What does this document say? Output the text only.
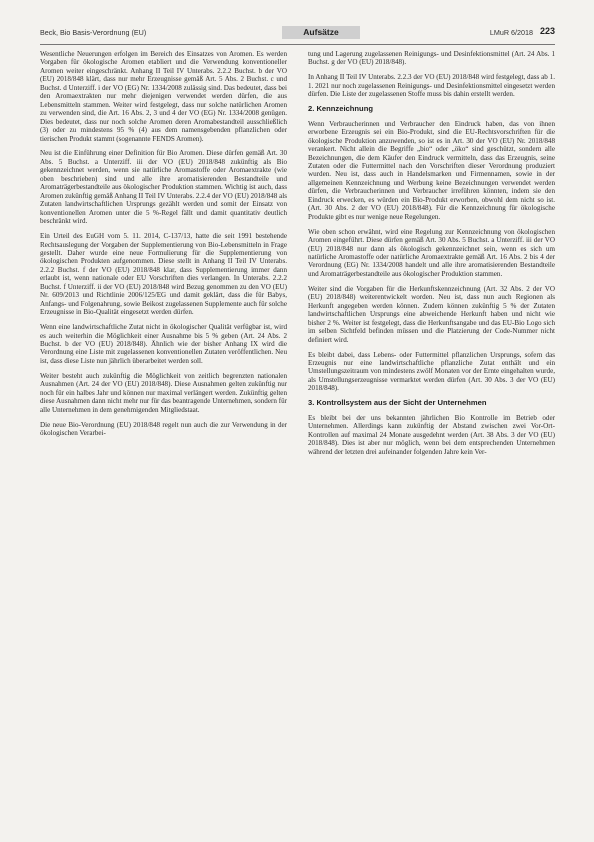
Beck, Bio Basis-Verordnung (EU)	Aufsätze	LMuR 6/2018 223

Wesentliche Neuerungen erfolgen im Bereich des Einsatzes von Aromen. Es werden Vorgaben für ökologische Aromen etabliert und die Verwendung konventioneller Aromen weiter eingeschränkt. Anhang II Teil IV Unterabs. 2.2.2 Buchst. b der VO (EU) 2018/848 klärt, dass nur mehr Erzeugnisse gemäß Art. 5 Abs. 2 Buchst. c und Buchst. d Unterziff. i der VO (EG) Nr. 1334/2008 zulässig sind. Das bedeutet, dass bei den Aromaextrakten nur mehr diejenigen verwendet werden dürfen, die aus Lebensmitteln stammen. Weiter wird festgelegt, dass nur solche natürlichen Aromen zu verwenden sind, die Art. 16 Abs. 2, 3 und 4 der VO (EG) Nr. 1334/2008 genügen. Dies bedeutet, dass nur noch solche Aromen deren Aromabestandteil ausschließlich (3) oder zu mindestens 95 % (4) aus dem namensgebenden pflanzlichen oder tierischen Produkt stammt (sogenannte FENDS Aromen).

Neu ist die Einführung einer Definition für Bio Aromen. Diese dürfen gemäß Art. 30 Abs. 5 Buchst. a Unterziff. iii der VO (EU) 2018/848 zukünftig als Bio gekennzeichnet werden, wenn sie natürliche Aromastoffe oder Aromaextrakte (wie oben beschrieben) sind und alle ihre aromatisierenden Bestandteile und Aromaträgerbestandteile aus ökologischer Produktion stammen. Wichtig ist auch, dass Aromen zukünftig gemäß Anhang II Teil IV Unterabs. 2.2.4 der VO (EU) 2018/848 als Zutaten landwirtschaftlichen Ursprungs gezählt werden und somit der Einsatz von konventionellen Aromen unter die 5 %-Regel fällt und damit quantitativ deutlich beschränkt wird.

Ein Urteil des EuGH vom 5. 11. 2014, C-137/13, hatte die seit 1991 bestehende Rechtsauslegung der Vorgaben der Supplementierung von Bio-Lebensmitteln in Frage gestellt. Daher wurde eine neue Formulierung für die Supplementierung von ökologischen Produkten aufgenommen. Diese stellt in Anhang II Teil IV Unterabs. 2.2.2 Buchst. f der VO (EU) 2018/848 klar, dass Supplementierung immer dann erlaubt ist, wenn nationale oder EU Vorschriften dies verlangen. In Unterabs. 2.2.2 Buchst. f Unterziff. ii der VO (EU) 2018/848 wird Bezug genommen zu den VO (EU) Nr. 609/2013 und Richtlinie 2006/125/EG und damit geklärt, dass die für Babys, Anfangs- und Folgenahrung, sowie Beikost zugelassenen Supplemente auch für solche Erzeugnisse in Bio-Qualität eingesetzt werden dürfen.

Wenn eine landwirtschaftliche Zutat nicht in ökologischer Qualität verfügbar ist, wird es auch weiterhin die Möglichkeit einer Ausnahme bis 5 % geben (Art. 24 Abs. 2 Buchst. b der VO (EU) 2018/848). Ähnlich wie der bisher Anhang IX wird die Verordnung eine Liste mit zugelassenen konventionellen Zutaten veröffentlichen. Neu ist, dass diese Liste nun jährlich überarbeitet werden soll.

Weiter besteht auch zukünftig die Möglichkeit von zeitlich begrenzten nationalen Ausnahmen (Art. 24 der VO (EU) 2018/848). Diese Ausnahmen gelten zukünftig nur noch für ein halbes Jahr und können nur maximal verlängert werden. Zukünftig gelten diese Ausnahmen dann nicht mehr nur für das beantragende Unternehmen, sondern für alle Unternehmen in dem genehmigenden Mitgliedstaat.

Die neue Bio-Verordnung (EU) 2018/848 regelt nun auch die zur Verwendung in der ökologischen Verarbei-

tung und Lagerung zugelassenen Reinigungs- und Desinfektionsmittel (Art. 24 Abs. 1 Buchst. g der VO (EU) 2018/848).

In Anhang II Teil IV Unterabs. 2.2.3 der VO (EU) 2018/848 wird festgelegt, dass ab 1. 1. 2021 nur noch zugelassenen Reinigungs- und Desinfektionsmittel eingesetzt werden dürfen. Die Liste der zugelassenen Stoffe muss bis dahin erstellt werden.

2. Kennzeichnung

Wenn Verbraucherinnen und Verbraucher den Eindruck haben, das von ihnen erworbene Erzeugnis sei ein Bio-Produkt, sind die EU-Rechtsvorschriften für die ökologische Produktion anzuwenden, so ist es in Art. 30 der VO (EU) Nr. 2018/848 verankert. Nicht allein die Begriffe „bio“ oder „öko“ sind geschützt, sondern alle Bezeichnungen, die dem Käufer den Eindruck vermitteln, dass das Erzeugnis, seine Zutaten oder die Futtermittel nach den Vorschriften dieser Verordnung produziert wurden. Neu ist, dass auch in Handelsmarken und Firmennamen, sowie in der allgemeinen Kennzeichnung und Werbung keine Bezeichnungen verwendet werden dürfen, die Verbraucherinnen und Verbraucher irreführen könnten, indem sie den Eindruck erwecken, es würden ein Bio-Produkt erworben, obwohl dem nicht so ist. (Art. 30 Abs. 2 der VO (EU) 2018/848). Für die Kennzeichnung für ökologische Produkte gibt es nur wenige neue Regelungen.

Wie oben schon erwähnt, wird eine Regelung zur Kennzeichnung von ökologischen Aromen eingeführt. Diese dürfen gemäß Art. 30 Abs. 5 Buchst. a Unterziff. iii der VO (EU) 2018/848 nur dann als ökologisch gekennzeichnet sein, wenn es sich um natürliche Aromastoffe oder natürliche Aromaextrakte gemäß Art. 16 Abs. 2 bis 4 der Verordnung (EG) Nr. 1334/2008 handelt und alle ihre aromatisierenden Bestandteile und Aromaträgerbestandteile aus ökologischer Produktion stammen.

Weiter sind die Vorgaben für die Herkunftskennzeichnung (Art. 32 Abs. 2 der VO (EU) 2018/848) weiterentwickelt worden. Neu ist, dass nun auch Regionen als Herkunft angegeben werden können. Zudem können zukünftig 5 % der Zutaten landwirtschaftlichen Ursprungs eine abweichende Herkunft haben und nicht wie bisher 2 %. Weiter ist festgelegt, dass die Herkunftsangabe und das EU-Bio Logo sich im selben Sichtfeld befinden müssen und die Platzierung der Code-Nummer nicht definiert wird.

Es bleibt dabei, dass Lebens- oder Futtermittel pflanzlichen Ursprungs, sofern das Erzeugnis nur eine landwirtschaftliche pflanzliche Zutat enthält und ein Umstellungszeitraum von mindestens zwölf Monaten vor der Ernte eingehalten wurde, als Umstellungserzeugnisse vermarktet werden dürfen (Art. 30 Abs. 3 der VO (EU) 2018/848).

3. Kontrollsystem aus der Sicht der Unternehmen

Es bleibt bei der uns bekannten jährlichen Bio Kontrolle im Betrieb oder Unternehmen. Allerdings kann zukünftig der Abstand zwischen zwei Vor-Ort-Kontrollen auf maximal 24 Monate ausgedehnt werden (Art. 38 Abs. 3 der VO (EU) 2018/848). Dies ist aber nur möglich, wenn bei dem entsprechenden Unternehmen während der letzten drei aufeinander folgenden Jahre kein Ver-
